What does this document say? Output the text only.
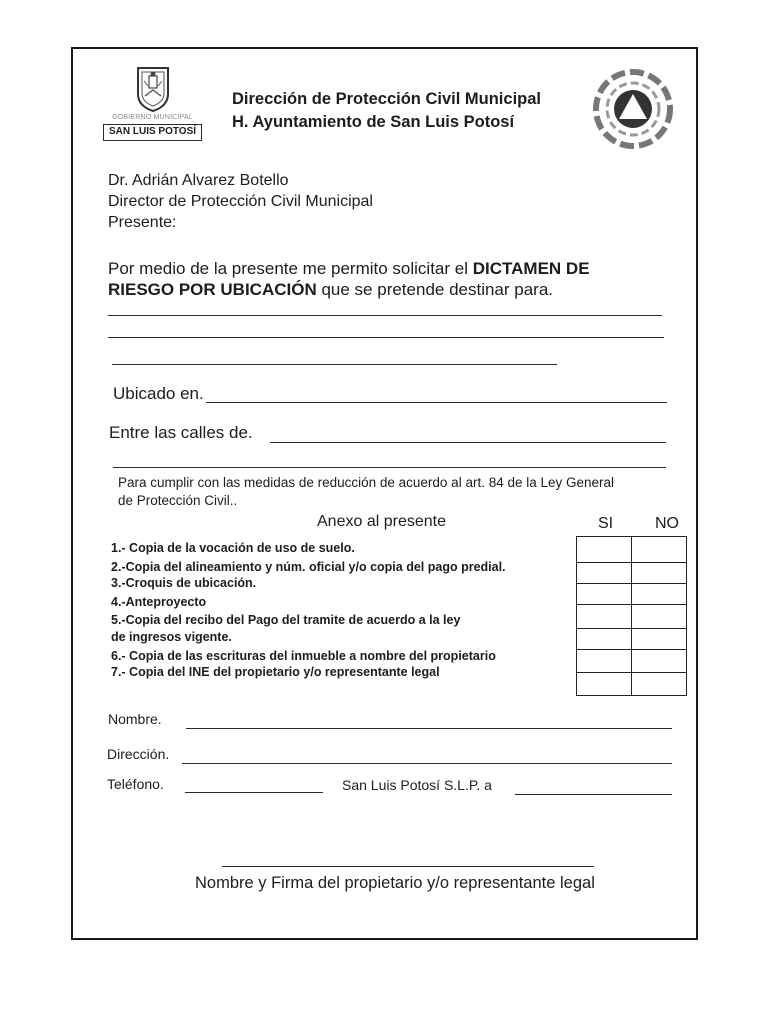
GOBIERNO MUNICIPAL
SAN LUIS POTOSÍ
Dirección de Protección Civil Municipal
H. Ayuntamiento de San Luis Potosí
Dr. Adrián Alvarez Botello
Director de Protección Civil Municipal
Presente:
Por medio de la presente me permito solicitar el DICTAMEN DE
RIESGO POR UBICACIÓN que se pretende destinar para.
Ubicado en.
Entre las calles de.
Para cumplir con las medidas de reducción de acuerdo al art. 84 de la Ley General
de Protección Civil..
Anexo al presente	SI	NO
1.- Copia de la vocación de uso de suelo.
2.-Copia del alineamiento y núm. oficial y/o copia del pago predial.
3.-Croquis de ubicación.
4.-Anteproyecto
5.-Copia del recibo del Pago del tramite de acuerdo a la ley
de ingresos vigente.
6.- Copia de las escrituras del inmueble a nombre del propietario
7.- Copia del INE del propietario y/o representante legal
Nombre.
Dirección.
Teléfono.	San Luis Potosí S.L.P. a
Nombre y Firma del propietario y/o representante legal
